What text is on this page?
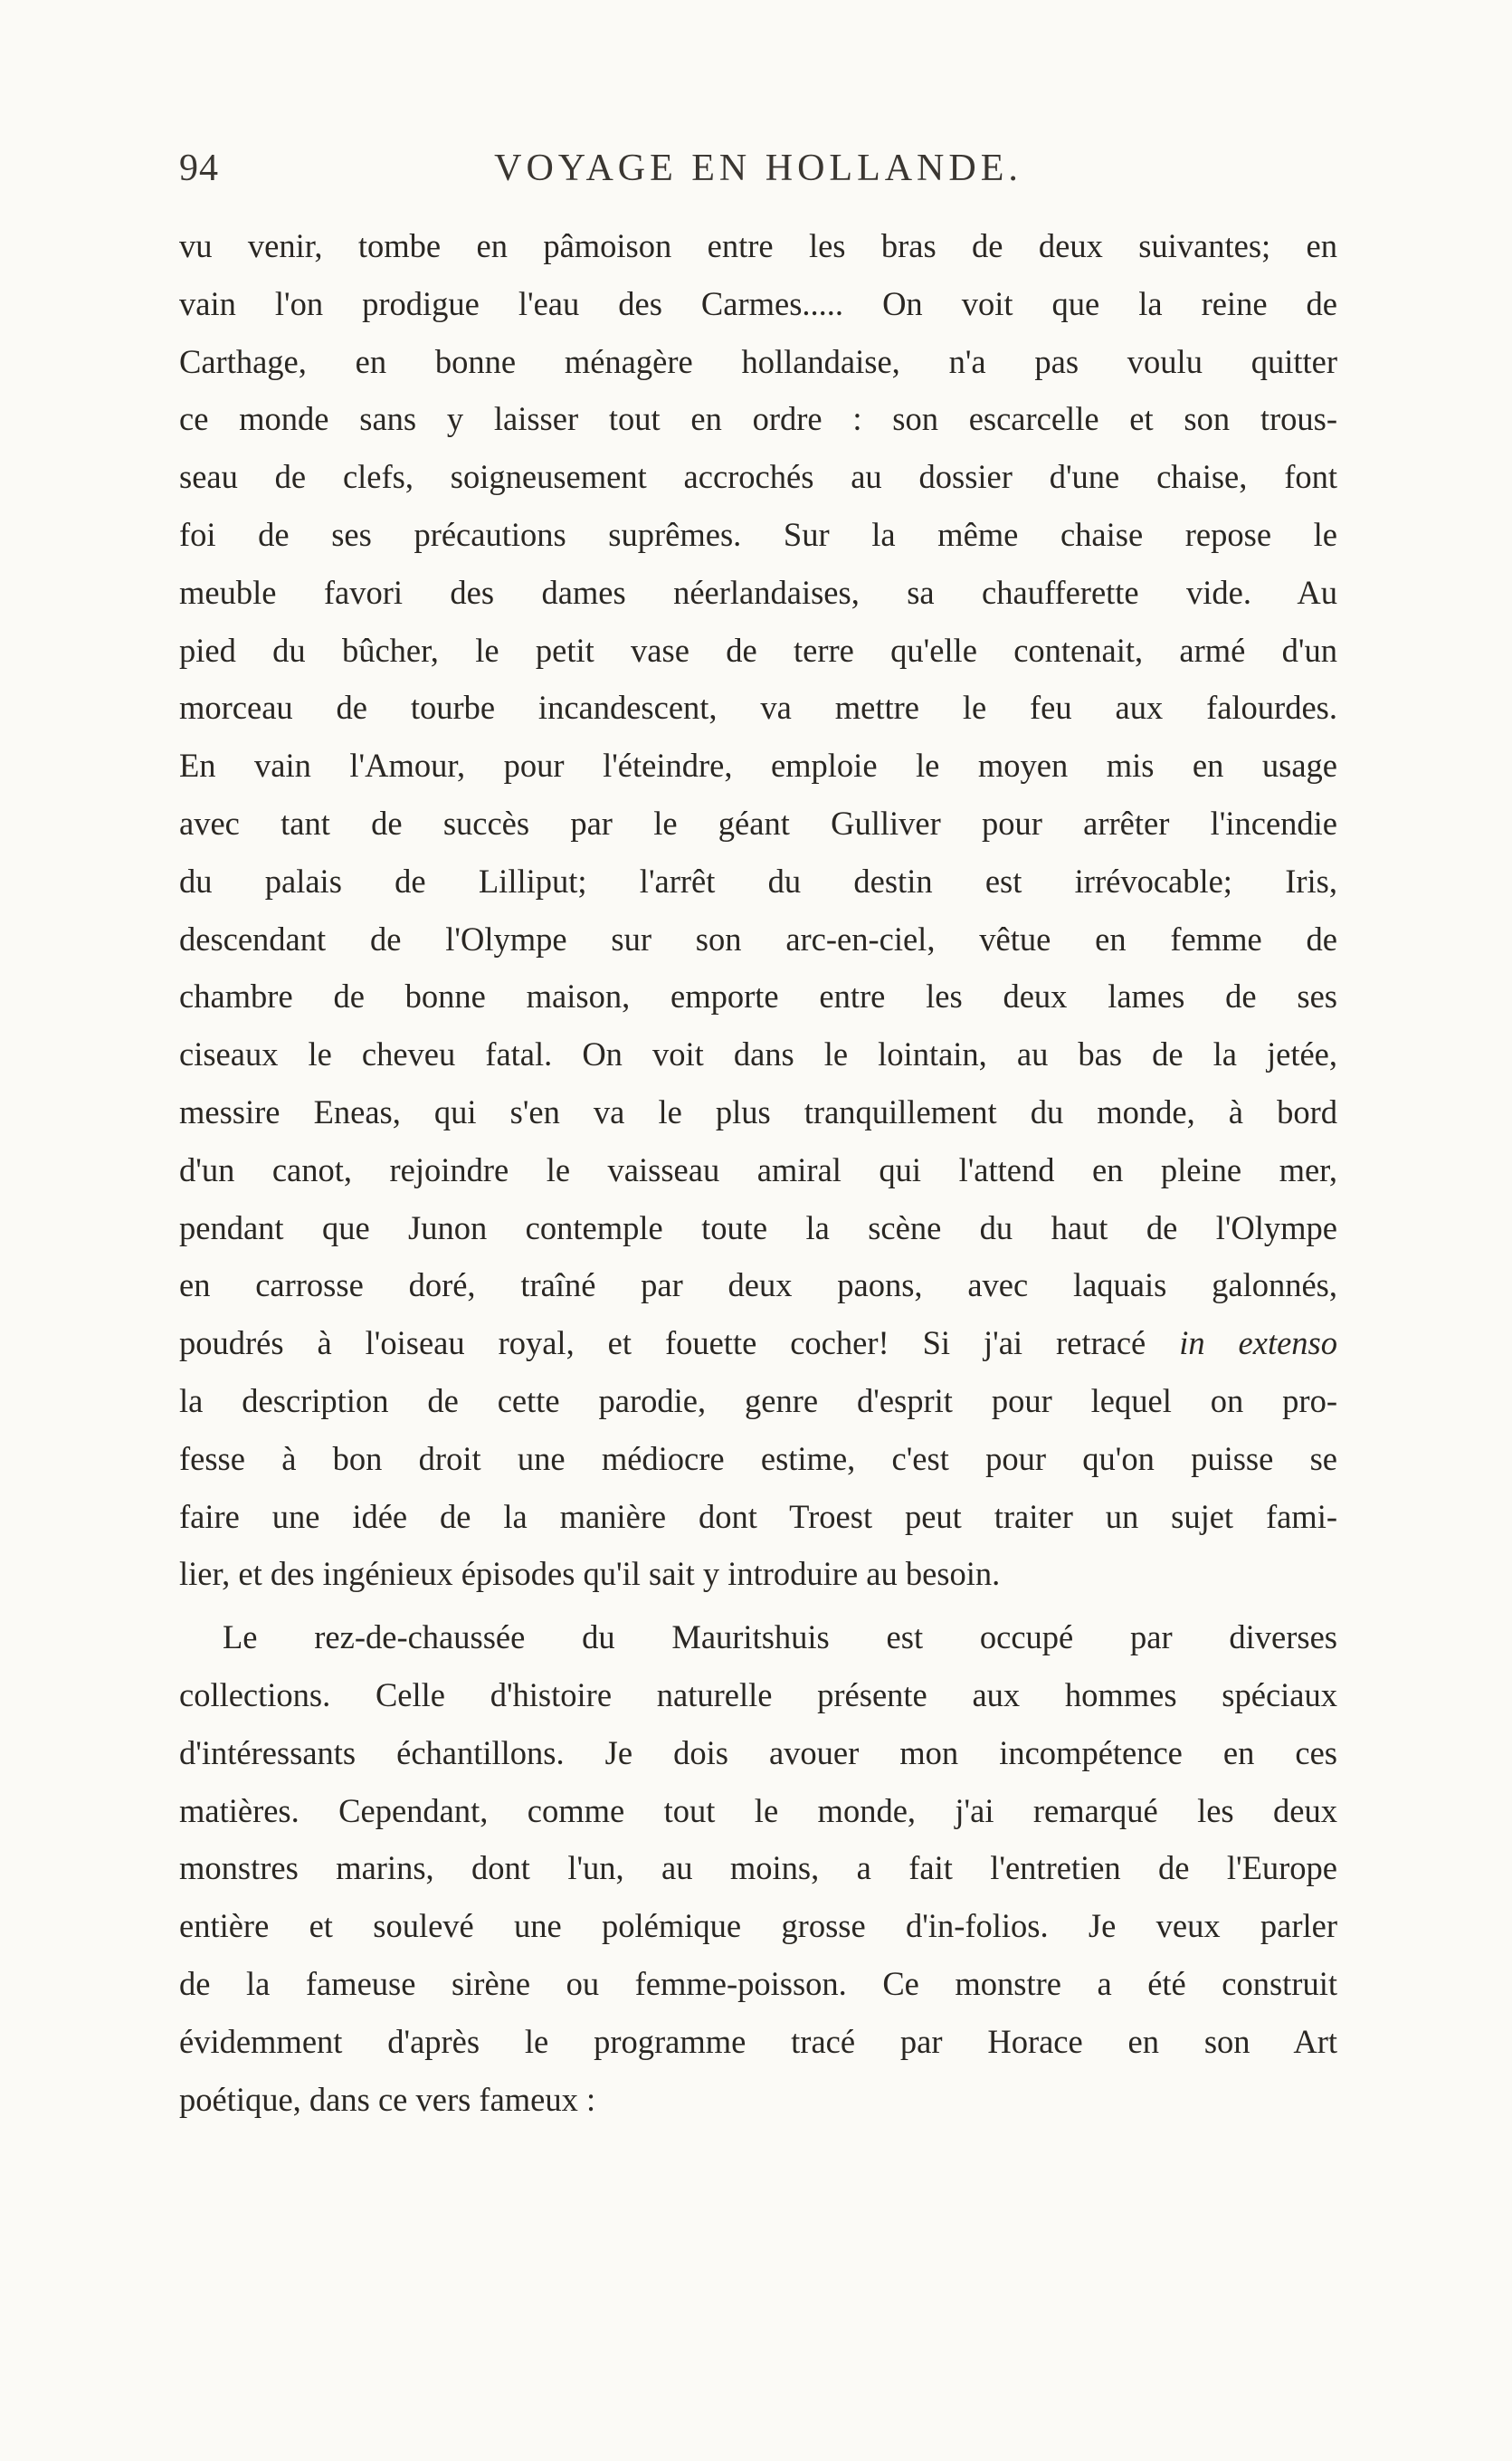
94	VOYAGE EN HOLLANDE.
vu venir, tombe en pâmoison entre les bras de deux suivantes; en
vain l'on prodigue l'eau des Carmes..... On voit que la reine de
Carthage, en bonne ménagère hollandaise, n'a pas voulu quitter
ce monde sans y laisser tout en ordre : son escarcelle et son trous-
seau de clefs, soigneusement accrochés au dossier d'une chaise, font
foi de ses précautions suprêmes. Sur la même chaise repose le
meuble favori des dames néerlandaises, sa chaufferette vide. Au
pied du bûcher, le petit vase de terre qu'elle contenait, armé d'un
morceau de tourbe incandescent, va mettre le feu aux falourdes.
En vain l'Amour, pour l'éteindre, emploie le moyen mis en usage
avec tant de succès par le géant Gulliver pour arrêter l'incendie
du palais de Lilliput; l'arrêt du destin est irrévocable; Iris,
descendant de l'Olympe sur son arc-en-ciel, vêtue en femme de
chambre de bonne maison, emporte entre les deux lames de ses
ciseaux le cheveu fatal. On voit dans le lointain, au bas de la jetée,
messire Eneas, qui s'en va le plus tranquillement du monde, à bord
d'un canot, rejoindre le vaisseau amiral qui l'attend en pleine mer,
pendant que Junon contemple toute la scène du haut de l'Olympe
en carrosse doré, traîné par deux paons, avec laquais galonnés,
poudrés à l'oiseau royal, et fouette cocher! Si j'ai retracé in extenso
la description de cette parodie, genre d'esprit pour lequel on pro-
fesse à bon droit une médiocre estime, c'est pour qu'on puisse se
faire une idée de la manière dont Troest peut traiter un sujet fami-
lier, et des ingénieux épisodes qu'il sait y introduire au besoin.
Le rez-de-chaussée du Mauritshuis est occupé par diverses
collections. Celle d'histoire naturelle présente aux hommes spéciaux
d'intéressants échantillons. Je dois avouer mon incompétence en ces
matières. Cependant, comme tout le monde, j'ai remarqué les deux
monstres marins, dont l'un, au moins, a fait l'entretien de l'Europe
entière et soulevé une polémique grosse d'in-folios. Je veux parler
de la fameuse sirène ou femme-poisson. Ce monstre a été construit
évidemment d'après le programme tracé par Horace en son Art
poétique, dans ce vers fameux :
